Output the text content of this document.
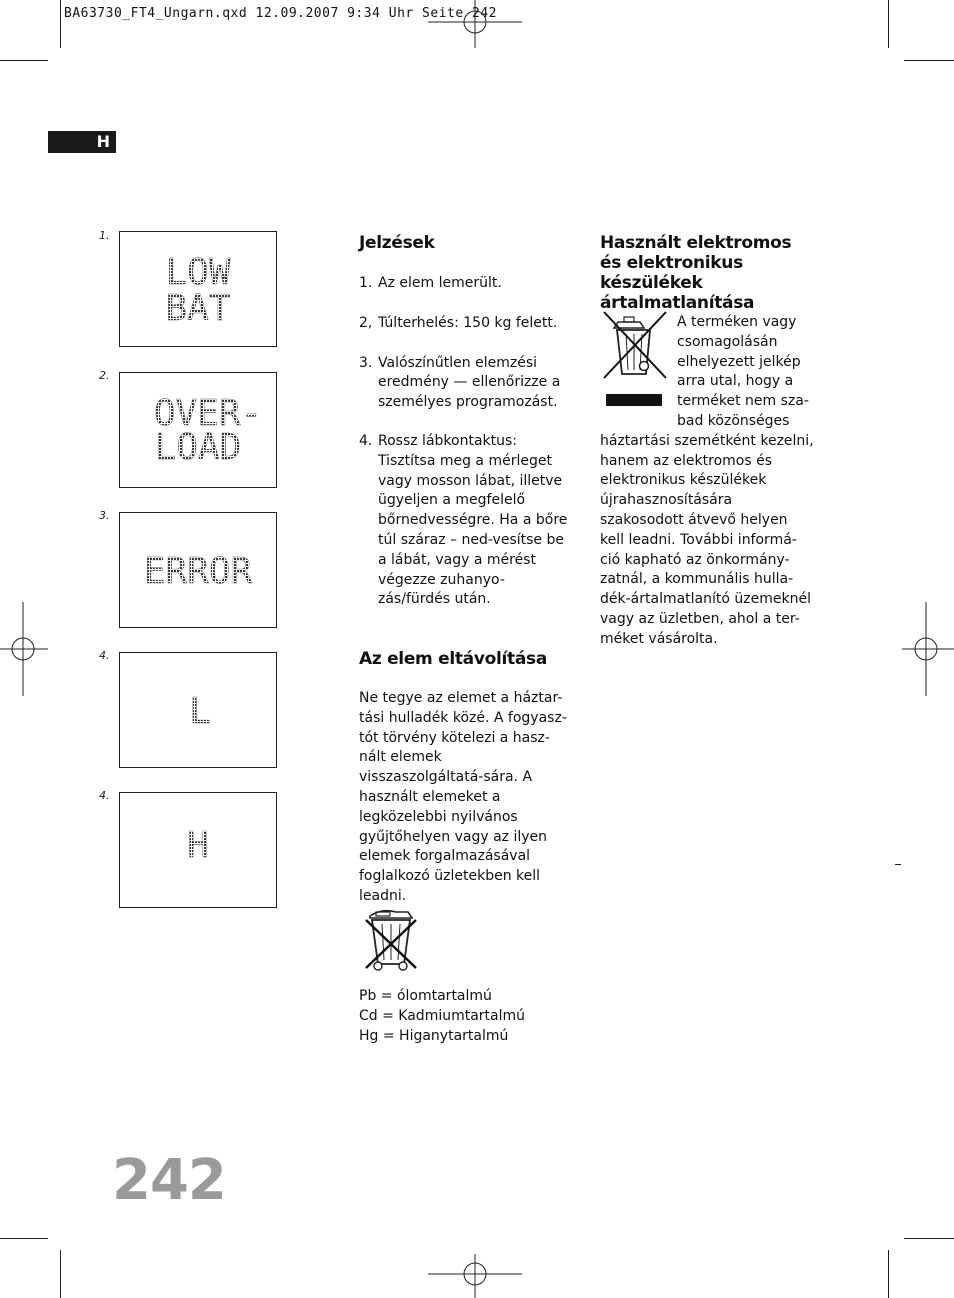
BA63730_FT4_Ungarn.qxd 12.09.2007 9:34 Uhr Seite 242
H
1.
LOW
BAT
2.
OVER-
LOAD
3.
ERROR
4.
L
4.
H
Jelzések
1. Az elem lemerült.
2, Túlterhelés: 150 kg felett.
3. Valószínűtlen elemzési eredmény — ellenőrizze a személyes programozást.
4. Rossz lábkontaktus: Tisztítsa meg a mérleget vagy mosson lábat, illetve ügyeljen a megfelelő bőrnedvességre. Ha a bőre túl száraz – ned-vesítse be a lábát, vagy a mérést végezze zuhanyo-zás/fürdés után.
Az elem eltávolítása

Ne tegye az elemet a háztar-tási hulladék közé. A fogyasz-tót törvény kötelezi a hasz-nált elemek visszaszolgáltatá-sára. A használt elemeket a legközelebbi nyilvános gyűjtőhelyen vagy az ilyen elemek forgalmazásával foglalkozó üzletekben kell leadni.

Pb = ólomtartalmú
Cd = Kadmiumtartalmú
Hg = Higanytartalmú
Használt elektromos és elektronikus készülékek ártalmatlanítása
A terméken vagy csomagolásán elhelyezett jelkép arra utal, hogy a terméket nem sza-bad közönséges háztartási szemétként kezelni, hanem az elektromos és elektronikus készülékek újrahasznosítására szakosodott átvevő helyen kell leadni. További informá-ció kapható az önkormány-zatnál, a kommunális hulla-dék-ártalmatlanító üzemeknél vagy az üzletben, ahol a ter-méket vásárolta.
242
